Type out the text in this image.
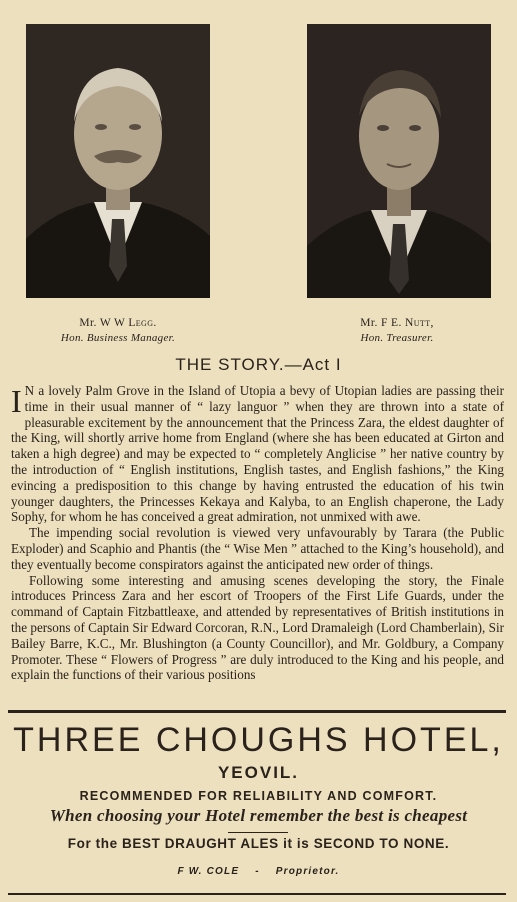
Mr. W W Legg.
Hon. Business Manager.
Mr. F E. Nutt,
Hon. Treasurer.
THE STORY.—Act I

I N a lovely Palm Grove in the Island of Utopia a bevy of Utopian ladies are passing their time in their usual manner of “ lazy languor ” when they are thrown into a state of pleasurable excitement by the announcement that the Princess Zara, the eldest daughter of the King, will shortly arrive home from England (where she has been educated at Girton and taken a high degree) and may be expected to “ completely Anglicise ” her native country by the introduction of “ English institutions, English tastes, and English fashions,” the King evincing a predisposition to this change by having entrusted the education of his twin younger daughters, the Princesses Kekaya and Kalyba, to an English chaperone, the Lady Sophy, for whom he has conceived a great admiration, not unmixed with awe.

The impending social revolution is viewed very unfavourably by Tarara (the Public Exploder) and Scaphio and Phantis (the “ Wise Men ” attached to the King’s household), and they eventually become conspirators against the anticipated new order of things.

Following some interesting and amusing scenes developing the story, the Finale introduces Princess Zara and her escort of Troopers of the First Life Guards, under the command of Captain Fitzbattleaxe, and attended by representatives of British institutions in the persons of Captain Sir Edward Corcoran, R.N., Lord Dramaleigh (Lord Chamberlain), Sir Bailey Barre, K.C., Mr. Blushington (a County Councillor), and Mr. Goldbury, a Company Promoter. These “ Flowers of Progress ” are duly introduced to the King and his people, and explain the functions of their various positions

THREE CHOUGHS HOTEL,
YEOVIL.
RECOMMENDED FOR RELIABILITY AND COMFORT.
When choosing your Hotel remember the best is cheapest
For the BEST DRAUGHT ALES it is SECOND TO NONE.
F W. COLE - Proprietor.
